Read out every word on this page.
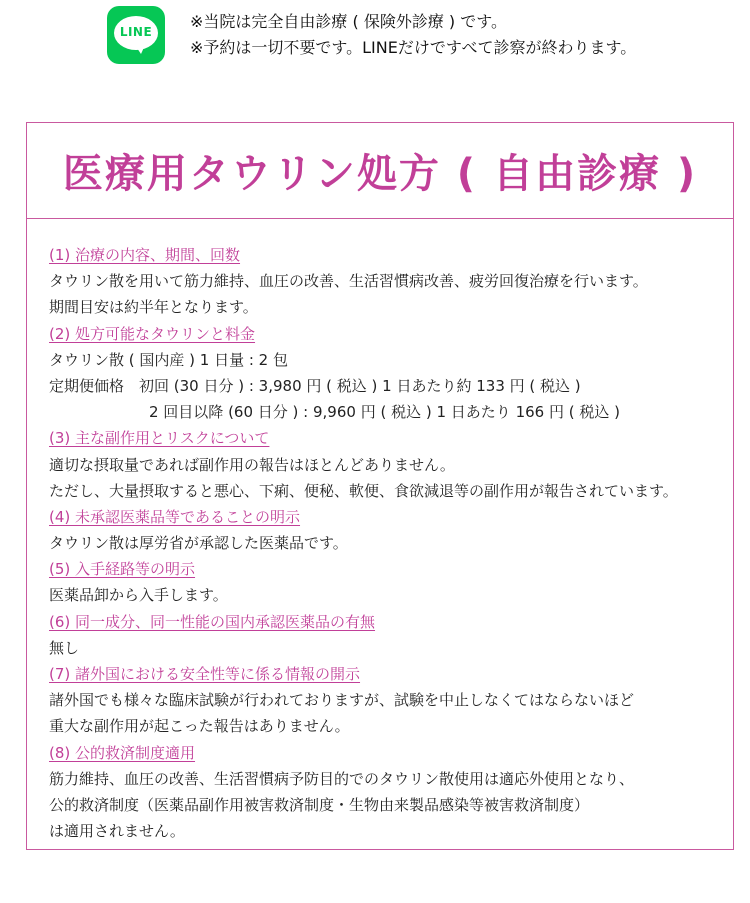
LINE
※当院は完全自由診療 ( 保険外診療 ) です。
※予約は一切不要です。LINEだけですべて診察が終わります。
医療用タウリン処方 ( 自由診療 )
(1) 治療の内容、期間、回数
タウリン散を用いて筋力維持、血圧の改善、生活習慣病改善、疲労回復治療を行います。
期間目安は約半年となります。
(2) 処方可能なタウリンと料金
タウリン散 ( 国内産 ) 1 日量 : 2 包
定期便価格　初回 (30 日分 ) : 3,980 円 ( 税込 ) 1 日あたり約 133 円 ( 税込 )
2 回目以降 (60 日分 ) : 9,960 円 ( 税込 ) 1 日あたり 166 円 ( 税込 )
(3) 主な副作用とリスクについて
適切な摂取量であれば副作用の報告はほとんどありません。
ただし、大量摂取すると悪心、下痢、便秘、軟便、食欲減退等の副作用が報告されています。
(4) 未承認医薬品等であることの明示
タウリン散は厚労省が承認した医薬品です。
(5) 入手経路等の明示
医薬品卸から入手します。
(6) 同一成分、同一性能の国内承認医薬品の有無
無し
(7) 諸外国における安全性等に係る情報の開示
諸外国でも様々な臨床試験が行われておりますが、試験を中止しなくてはならないほど
重大な副作用が起こった報告はありません。
(8) 公的救済制度適用
筋力維持、血圧の改善、生活習慣病予防目的でのタウリン散使用は適応外使用となり、
公的救済制度（医薬品副作用被害救済制度・生物由来製品感染等被害救済制度）
は適用されません。
